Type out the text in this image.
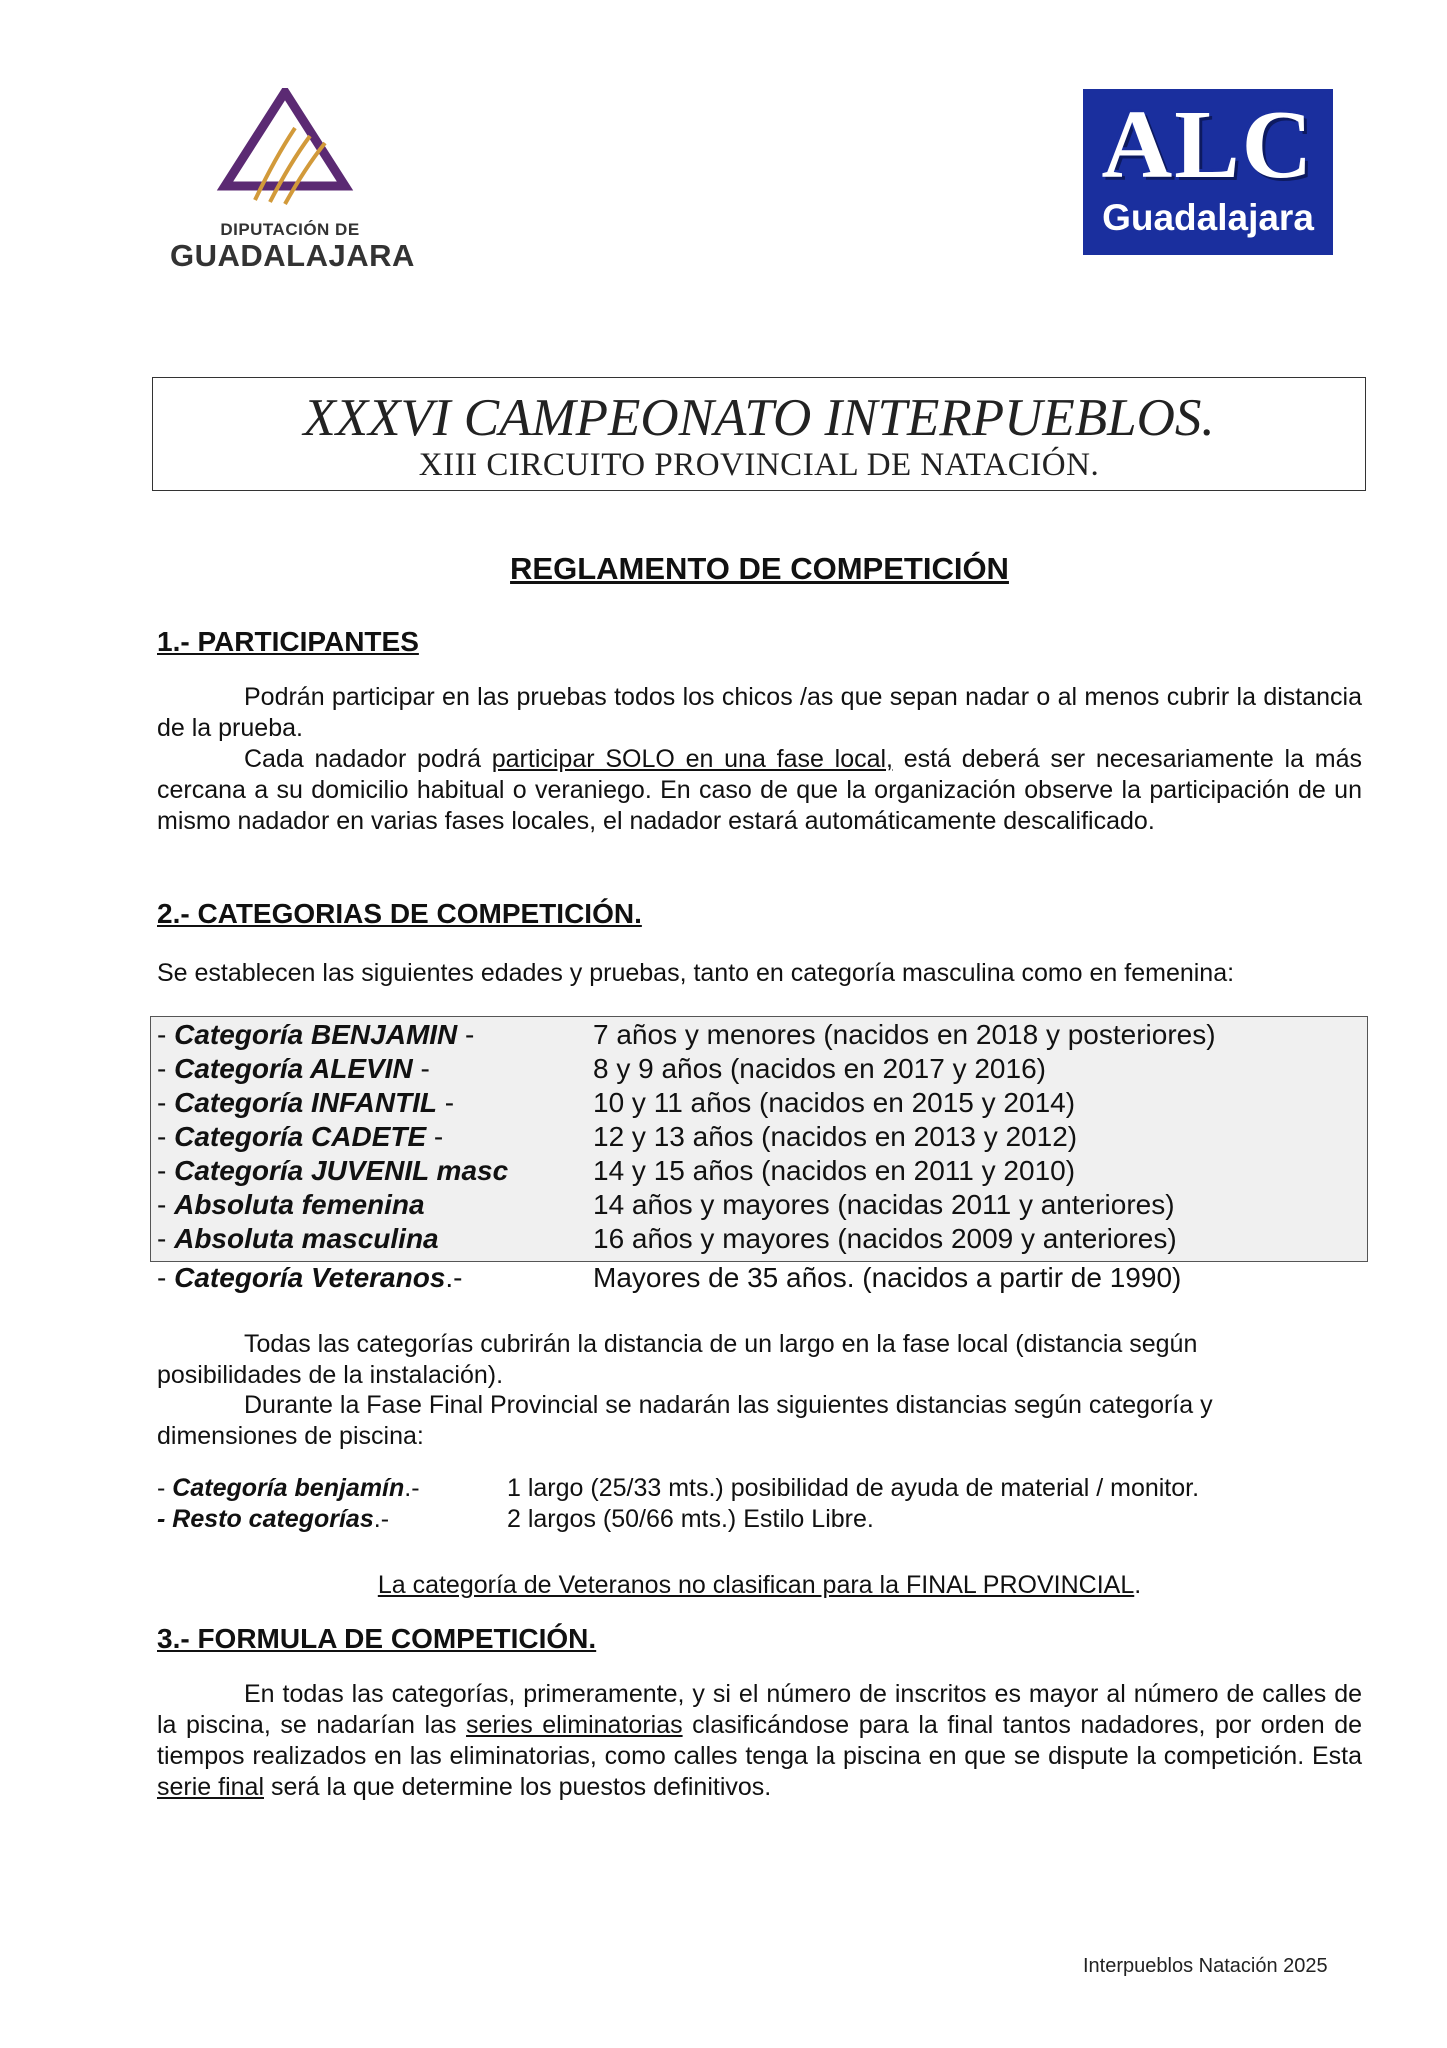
DIPUTACIÓN DE
GUADALAJARA
ALC
Guadalajara
XXXVI CAMPEONATO INTERPUEBLOS.
XIII CIRCUITO PROVINCIAL DE NATACIÓN.
REGLAMENTO DE COMPETICIÓN
1.- PARTICIPANTES
Podrán participar en las pruebas todos los chicos /as que sepan nadar o al menos cubrir la distancia de la prueba.
Cada nadador podrá participar SOLO en una fase local, está deberá ser necesariamente la más cercana a su domicilio habitual o veraniego. En caso de que la organización observe la participación de un mismo nadador en varias fases locales, el nadador estará automáticamente descalificado.
2.- CATEGORIAS DE COMPETICIÓN.
Se establecen las siguientes edades y pruebas, tanto en categoría masculina como en femenina:
- Categoría BENJAMIN -	7 años y menores (nacidos en 2018 y posteriores)
- Categoría ALEVIN -	8 y 9 años (nacidos en 2017 y 2016)
- Categoría INFANTIL -	10 y 11 años (nacidos en 2015 y 2014)
- Categoría CADETE -	12 y 13 años (nacidos en 2013 y 2012)
- Categoría JUVENIL masc	14 y 15 años (nacidos en 2011 y 2010)
- Absoluta femenina	14 años y mayores (nacidas 2011 y anteriores)
- Absoluta masculina	16 años y mayores (nacidos 2009 y anteriores)
- Categoría Veteranos.-	Mayores de 35 años. (nacidos a partir de 1990)
Todas las categorías cubrirán la distancia de un largo en la fase local (distancia según posibilidades de la instalación).
Durante la Fase Final Provincial se nadarán las siguientes distancias según categoría y dimensiones de piscina:
- Categoría benjamín.-	1 largo (25/33 mts.) posibilidad de ayuda de material / monitor.
- Resto categorías.-	2 largos (50/66 mts.) Estilo Libre.
La categoría de Veteranos no clasifican para la FINAL PROVINCIAL.
3.- FORMULA DE COMPETICIÓN.
En todas las categorías, primeramente, y si el número de inscritos es mayor al número de calles de la piscina, se nadarían las series eliminatorias clasificándose para la final tantos nadadores, por orden de tiempos realizados en las eliminatorias, como calles tenga la piscina en que se dispute la competición. Esta serie final será la que determine los puestos definitivos.
Interpueblos Natación 2025
